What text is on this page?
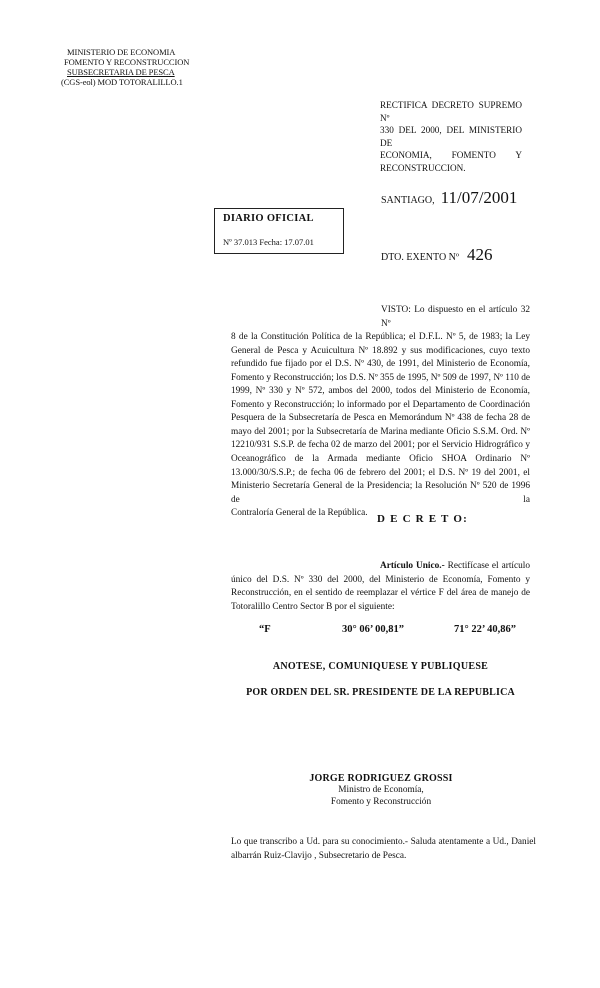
MINISTERIO DE ECONOMIA
FOMENTO Y RECONSTRUCCION
SUBSECRETARIA DE PESCA
(CGS-eol) MOD TOTORALILLO.1
RECTIFICA DECRETO SUPREMO Nº
330 DEL 2000, DEL MINISTERIO DE
ECONOMIA, FOMENTO Y
RECONSTRUCCION.
SANTIAGO, 11/07/2001
DIARIO OFICIAL
Nº 37.013 Fecha: 17.07.01
DTO. EXENTO Nº 426
VISTO: Lo dispuesto en el artículo 32 Nº
8 de la Constitución Política de la República; el D.F.L. Nº 5, de 1983; la Ley
General de Pesca y Acuicultura Nº 18.892 y sus modificaciones, cuyo texto
refundido fue fijado por el D.S. Nº 430, de 1991, del Ministerio de Economía,
Fomento y Reconstrucción; los D.S. Nº 355 de 1995, Nº 509 de 1997, Nº 110 de
1999, Nº 330 y Nº 572, ambos del 2000, todos del Ministerio de Economía,
Fomento y Reconstrucción; lo informado por el Departamento de Coordinación
Pesquera de la Subsecretaría de Pesca en Memorándum Nº 438 de fecha 28 de
mayo del 2001; por la Subsecretaría de Marina mediante Oficio S.S.M. Ord. Nº
12210/931 S.S.P. de fecha 02 de marzo del 2001; por el Servicio Hidrográfico y
Oceanográfico de la Armada mediante Oficio SHOA Ordinario Nº
13.000/30/S.S.P.; de fecha 06 de febrero del 2001; el D.S. Nº 19 del 2001, el
Ministerio Secretaría General de la Presidencia; la Resolución Nº 520 de 1996 de la
Contraloría General de la República. D E C R E T O:
Artículo Unico.- Rectifícase el artículo
único del D.S. Nº 330 del 2000, del Ministerio de Economía, Fomento y
Reconstrucción, en el sentido de reemplazar el vértice F del área de manejo de
Totoralillo Centro Sector B por el siguiente:
“F	30° 06’ 00,81”	71° 22’ 40,86”
ANOTESE, COMUNIQUESE Y PUBLIQUESE
POR ORDEN DEL SR. PRESIDENTE DE LA REPUBLICA
JORGE RODRIGUEZ GROSSI
Ministro de Economía,
Fomento y Reconstrucción
Lo que transcribo a Ud. para su conocimiento.- Saluda atentamente a Ud., Daniel
albarrán Ruiz-Clavijo , Subsecretario de Pesca.
